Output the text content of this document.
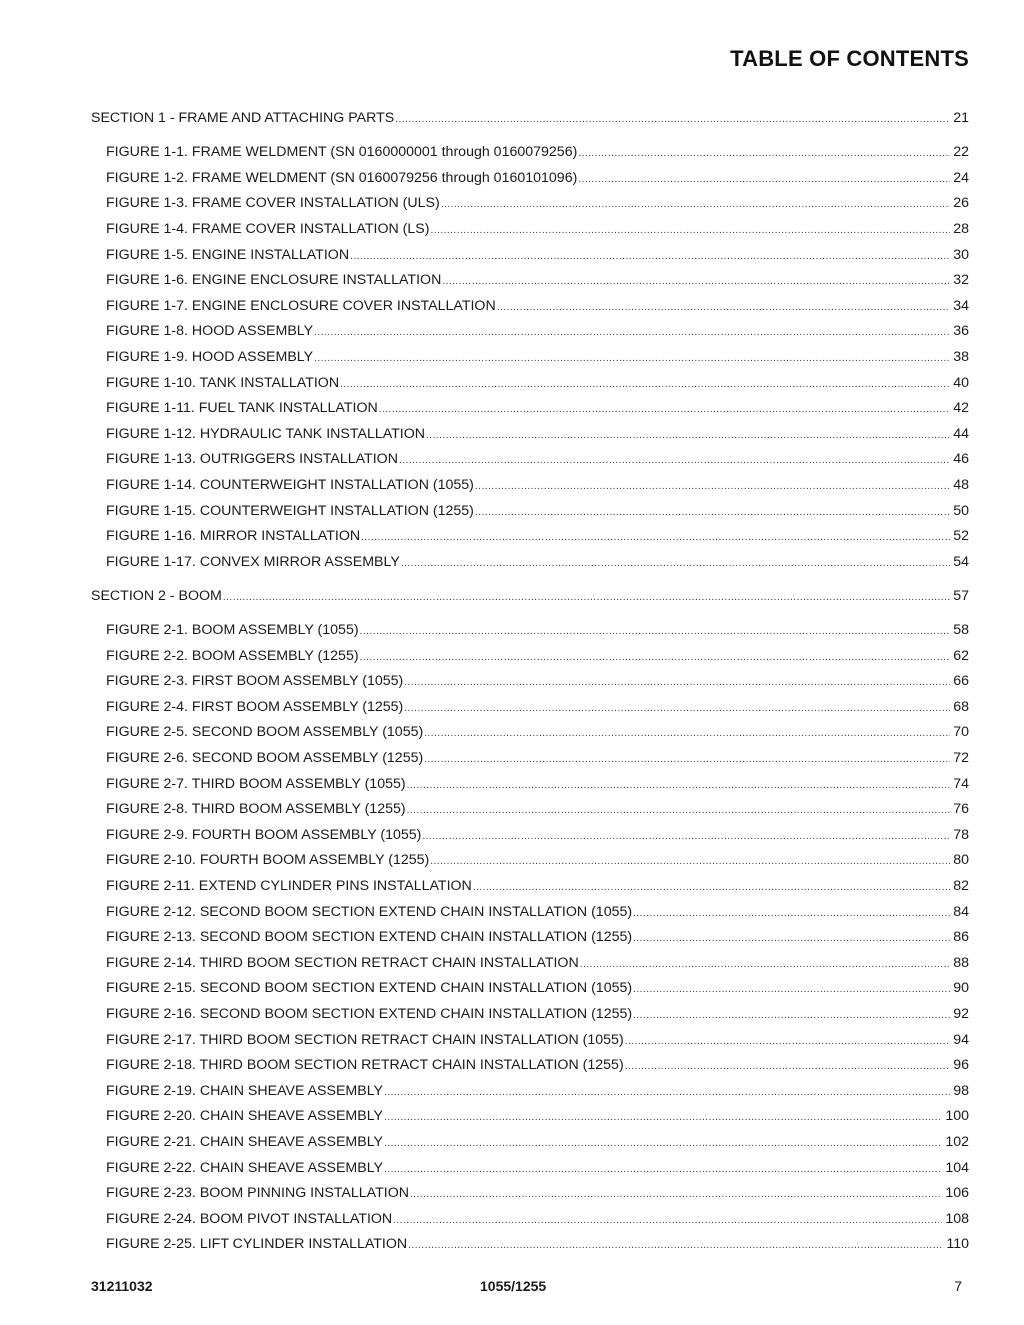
TABLE OF CONTENTS
SECTION 1 - FRAME AND ATTACHING PARTS .....	21
FIGURE 1-1. FRAME WELDMENT (SN 0160000001 through 0160079256) .....	22
FIGURE 1-2. FRAME WELDMENT (SN 0160079256 through 0160101096) .....	24
FIGURE 1-3. FRAME COVER INSTALLATION (ULS) .....	26
FIGURE 1-4. FRAME COVER INSTALLATION (LS) .....	28
FIGURE 1-5. ENGINE INSTALLATION .....	30
FIGURE 1-6. ENGINE ENCLOSURE INSTALLATION .....	32
FIGURE 1-7. ENGINE ENCLOSURE COVER INSTALLATION .....	34
FIGURE 1-8. HOOD ASSEMBLY .....	36
FIGURE 1-9. HOOD ASSEMBLY .....	38
FIGURE 1-10. TANK INSTALLATION .....	40
FIGURE 1-11. FUEL TANK INSTALLATION .....	42
FIGURE 1-12. HYDRAULIC TANK INSTALLATION .....	44
FIGURE 1-13. OUTRIGGERS INSTALLATION .....	46
FIGURE 1-14. COUNTERWEIGHT INSTALLATION (1055) .....	48
FIGURE 1-15. COUNTERWEIGHT INSTALLATION (1255) .....	50
FIGURE 1-16. MIRROR INSTALLATION .....	52
FIGURE 1-17. CONVEX MIRROR ASSEMBLY .....	54
SECTION 2 - BOOM .....	57
FIGURE 2-1. BOOM ASSEMBLY (1055) .....	58
FIGURE 2-2. BOOM ASSEMBLY (1255) .....	62
FIGURE 2-3. FIRST BOOM ASSEMBLY (1055) .....	66
FIGURE 2-4. FIRST BOOM ASSEMBLY (1255) .....	68
FIGURE 2-5. SECOND BOOM ASSEMBLY (1055) .....	70
FIGURE 2-6. SECOND BOOM ASSEMBLY (1255) .....	72
FIGURE 2-7. THIRD BOOM ASSEMBLY (1055) .....	74
FIGURE 2-8. THIRD BOOM ASSEMBLY (1255) .....	76
FIGURE 2-9. FOURTH BOOM ASSEMBLY (1055) .....	78
FIGURE 2-10. FOURTH BOOM ASSEMBLY (1255) .....	80
FIGURE 2-11. EXTEND CYLINDER PINS INSTALLATION .....	82
FIGURE 2-12. SECOND BOOM SECTION EXTEND CHAIN INSTALLATION (1055) .....	84
FIGURE 2-13. SECOND BOOM SECTION EXTEND CHAIN INSTALLATION (1255) .....	86
FIGURE 2-14. THIRD BOOM SECTION RETRACT CHAIN INSTALLATION .....	88
FIGURE 2-15. SECOND BOOM SECTION EXTEND CHAIN INSTALLATION (1055) .....	90
FIGURE 2-16. SECOND BOOM SECTION EXTEND CHAIN INSTALLATION (1255) .....	92
FIGURE 2-17. THIRD BOOM SECTION RETRACT CHAIN INSTALLATION (1055) .....	94
FIGURE 2-18. THIRD BOOM SECTION RETRACT CHAIN INSTALLATION (1255) .....	96
FIGURE 2-19. CHAIN SHEAVE ASSEMBLY .....	98
FIGURE 2-20. CHAIN SHEAVE ASSEMBLY .....	100
FIGURE 2-21. CHAIN SHEAVE ASSEMBLY .....	102
FIGURE 2-22. CHAIN SHEAVE ASSEMBLY .....	104
FIGURE 2-23. BOOM PINNING INSTALLATION .....	106
FIGURE 2-24. BOOM PIVOT INSTALLATION .....	108
FIGURE 2-25. LIFT CYLINDER INSTALLATION .....	110
31211032	1055/1255	7
